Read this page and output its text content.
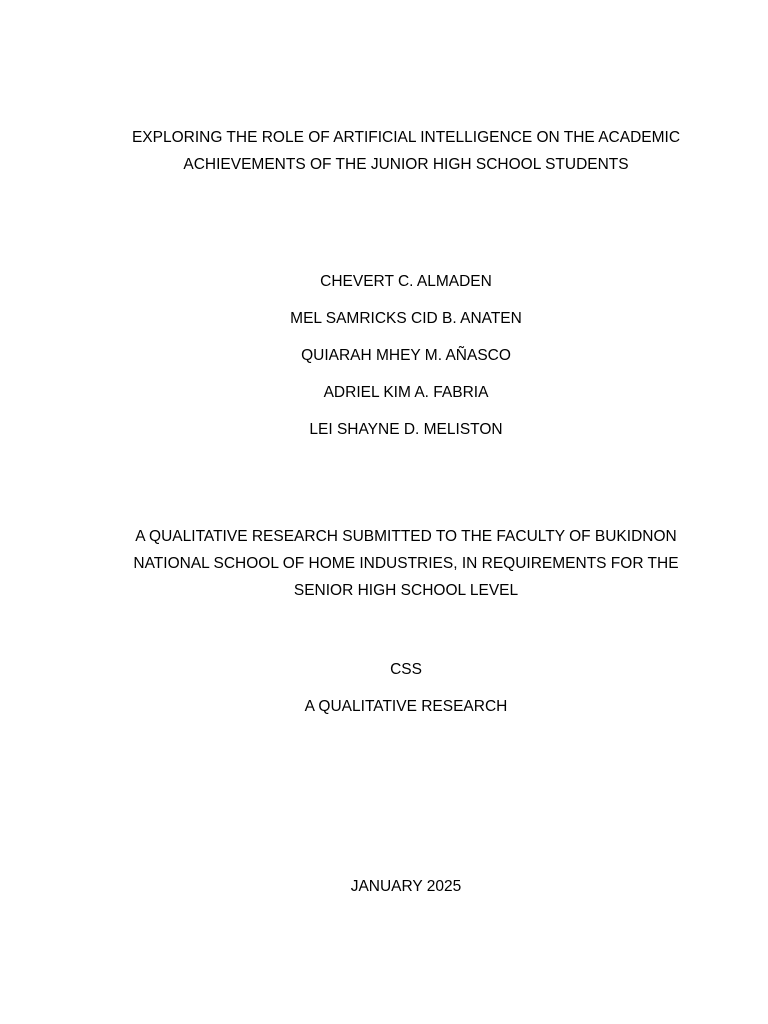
EXPLORING THE ROLE OF ARTIFICIAL INTELLIGENCE ON THE ACADEMIC

ACHIEVEMENTS OF THE JUNIOR HIGH SCHOOL STUDENTS

CHEVERT C. ALMADEN

MEL SAMRICKS CID B. ANATEN

QUIARAH MHEY M. AÑASCO

ADRIEL KIM A. FABRIA

LEI SHAYNE D. MELISTON

A QUALITATIVE RESEARCH SUBMITTED TO THE FACULTY OF BUKIDNON

NATIONAL SCHOOL OF HOME INDUSTRIES, IN REQUIREMENTS FOR THE

SENIOR HIGH SCHOOL LEVEL

CSS

A QUALITATIVE RESEARCH

JANUARY 2025
